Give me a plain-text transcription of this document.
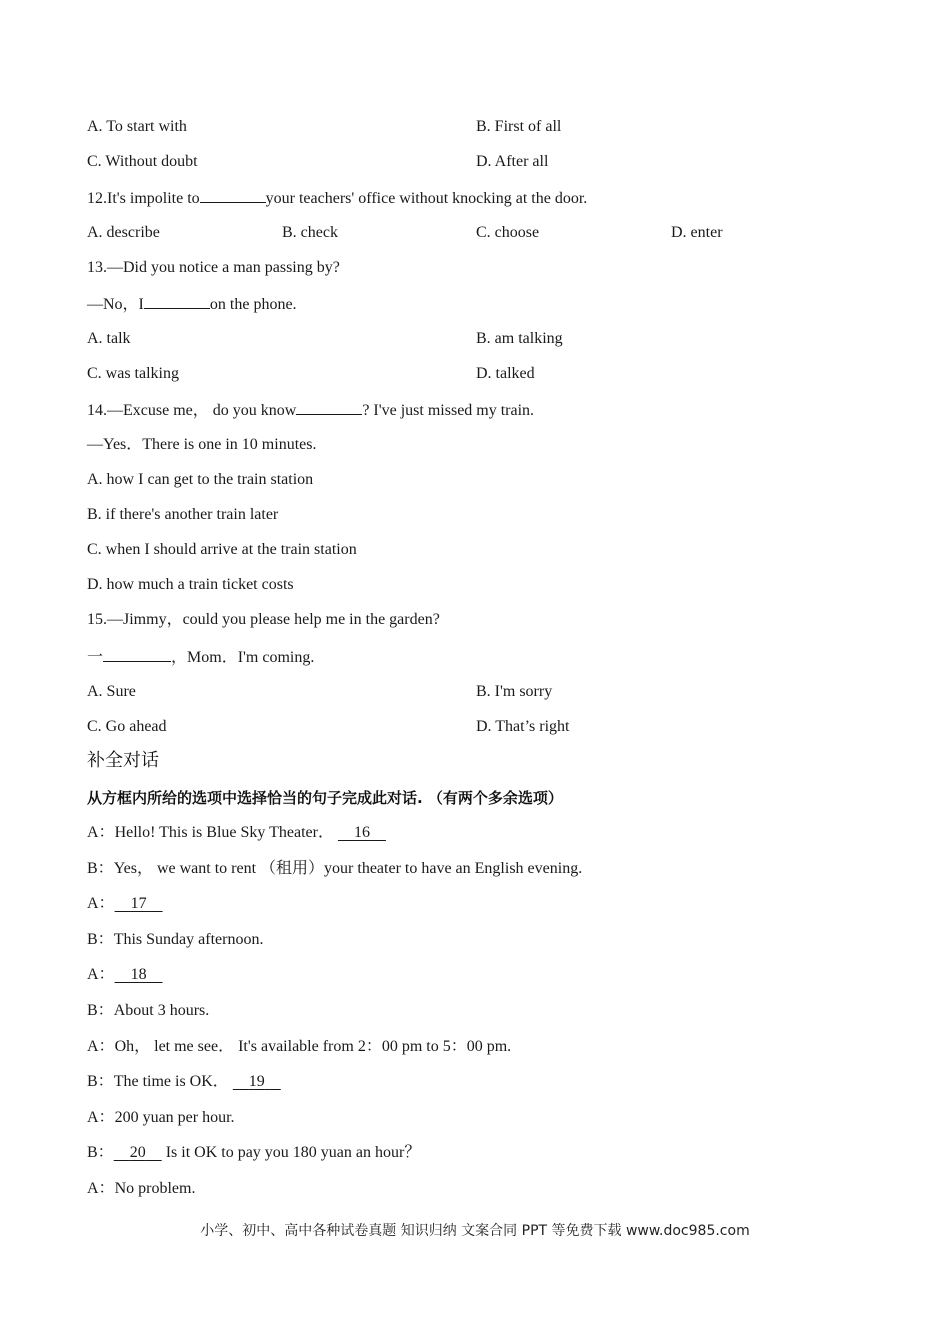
A. To start with	B. First of all
C. Without doubt	D. After all
12.It's impolite to	your teachers' office without knocking at the door.
A. describe	B. check	C. choose	D. enter
13.—Did you notice a man passing by?
—No，I	on the phone.
A. talk	B. am talking
C. was talking	D. talked
14.—Excuse me， do you know	? I've just missed my train.
—Yes．There is one in 10 minutes.
A. how I can get to the train station
B. if there's another train later
C. when I should arrive at the train station
D. how much a train ticket costs
15.—Jimmy，could you please help me in the garden?
一	，Mom．I'm coming.
A. Sure	B. I'm sorry
C. Go ahead	D. That’s right
补全对话
从方框内所给的选项中选择恰当的句子完成此对话. （有两个多余选项）
A：Hello! This is Blue Sky Theater． 16
B：Yes， we want to rent （租用）your theater to have an English evening.
A： 17
B：This Sunday afternoon.
A： 18
B：About 3 hours.
A：Oh， let me see． It's available from 2：00 pm to 5：00 pm.
B：The time is OK． 19
A：200 yuan per hour.
B： 20     Is it OK to pay you 180 yuan an hour？
A：No problem.
小学、初中、高中各种试卷真题 知识归纳 文案合同 PPT 等免费下载 www.doc985.com
